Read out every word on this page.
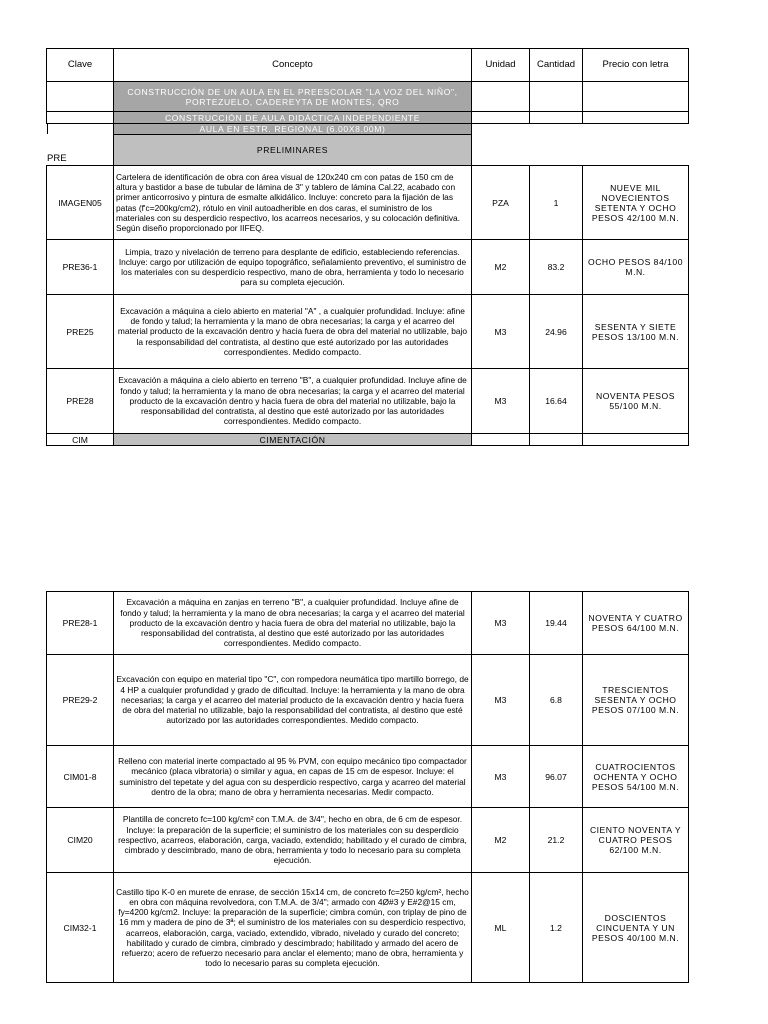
Clave	Concepto	Unidad	Cantidad	Precio con letra
	CONSTRUCCIÓN DE UN AULA EN EL PREESCOLAR "LA VOZ DEL NIÑO", PORTEZUELO, CADEREYTA DE MONTES, QRO			
	CONSTRUCCIÓN DE AULA DIDÁCTICA INDEPENDIENTE			
	AULA EN ESTR. REGIONAL (6.00X8.00M)			
	PRELIMINARES			
IMAGEN05	Cartelera de identificación de obra con área visual de 120x240 cm con patas de 150 cm de altura y bastidor a base de tubular de lámina de 3" y tablero de lámina Cal.22, acabado con primer anticorrosivo y pintura de esmalte alkidálico. Incluye: concreto para la fijación de las patas (f'c=200kg/cm2), rótulo en vinil autoadherible en dos caras, el suministro de los materiales con su desperdicio respectivo, los acarreos necesarios, y su colocación definitiva. Según diseño proporcionado por IIFEQ.	PZA	1	NUEVE MIL NOVECIENTOS SETENTA Y OCHO PESOS 42/100 M.N.
PRE36-1	Limpia, trazo y nivelación de terreno para desplante de edificio, estableciendo referencias. Incluye: cargo por utilización de equipo topográfico, señalamiento preventivo, el suministro de los materiales con su desperdicio respectivo, mano de obra, herramienta y todo lo necesario para su completa ejecución.	M2	83.2	OCHO PESOS 84/100 M.N.
PRE25	Excavación a máquina a cielo abierto en material "A" , a cualquier profundidad. Incluye: afine de fondo y talud; la herramienta y la mano de obra necesarias; la carga y el acarreo del material producto de la excavación dentro y hacia fuera de obra del material no utilizable, bajo la responsabilidad del contratista, al destino que esté autorizado por las autoridades correspondientes. Medido compacto.	M3	24.96	SESENTA Y SIETE PESOS 13/100 M.N.
PRE28	Excavación a máquina a cielo abierto en terreno "B", a cualquier profundidad. Incluye afine de fondo y talud; la herramienta y la mano de obra necesarias; la carga y el acarreo del material producto de la excavación dentro y hacia fuera de obra del material no utilizable, bajo la responsabilidad del contratista, al destino que esté autorizado por las autoridades correspondientes. Medido compacto.	M3	16.64	NOVENTA PESOS 55/100 M.N.
CIM	CIMENTACIÓN			
PRE
PRE28-1	Excavación a máquina en zanjas en terreno "B", a cualquier profundidad. Incluye afine de fondo y talud; la herramienta y la mano de obra necesarias; la carga y el acarreo del material producto de la excavación dentro y hacia fuera de obra del material no utilizable, bajo la responsabilidad del contratista, al destino que esté autorizado por las autoridades correspondientes. Medido compacto.	M3	19.44	NOVENTA Y CUATRO PESOS 64/100 M.N.
PRE29-2	Excavación con equipo en material tipo "C", con rompedora neumática tipo martillo borrego, de 4 HP a cualquier profundidad y grado de dificultad. Incluye: la herramienta y la mano de obra necesarias; la carga y el acarreo del material producto de la excavación dentro y hacia fuera de obra del material no utilizable, bajo la responsabilidad del contratista, al destino que esté autorizado por las autoridades correspondientes. Medido compacto.	M3	6.8	TRESCIENTOS SESENTA Y OCHO PESOS 07/100 M.N.
CIM01-8	Relleno con material inerte compactado al 95 % PVM, con equipo mecánico tipo compactador mecánico (placa vibratoria) o similar y agua, en capas de 15 cm de espesor. Incluye: el suministro del tepetate y del agua con su desperdicio respectivo, carga y acarreo del material dentro de la obra; mano de obra y herramienta necesarias. Medir compacto.	M3	96.07	CUATROCIENTOS OCHENTA Y OCHO PESOS 54/100 M.N.
CIM20	Plantilla de concreto fc=100 kg/cm² con T.M.A. de 3/4", hecho en obra, de 6 cm de espesor. Incluye: la preparación de la superficie; el suministro de los materiales con su desperdicio respectivo, acarreos, elaboración, carga, vaciado, extendido; habilitado y el curado de cimbra, cimbrado y descimbrado, mano de obra, herramienta y todo lo necesario para su completa ejecución.	M2	21.2	CIENTO NOVENTA Y CUATRO PESOS 62/100 M.N.
CIM32-1	Castillo tipo K-0 en murete de enrase, de sección 15x14 cm, de concreto fc=250 kg/cm², hecho en obra con máquina revolvedora, con T.M.A. de 3/4"; armado con 4Ø#3 y E#2@15 cm, fy=4200 kg/cm2. Incluye: la preparación de la superficie; cimbra común, con triplay de pino de 16 mm y madera de pino de 3ª; el suministro de los materiales con su desperdicio respectivo, acarreos, elaboración, carga, vaciado, extendido, vibrado, nivelado y curado del concreto; habilitado y curado de cimbra, cimbrado y descimbrado; habilitado y armado del acero de refuerzo; acero de refuerzo necesario para anclar el elemento; mano de obra, herramienta y todo lo necesario paras su completa ejecución.	ML	1.2	DOSCIENTOS CINCUENTA Y UN PESOS 40/100 M.N.
